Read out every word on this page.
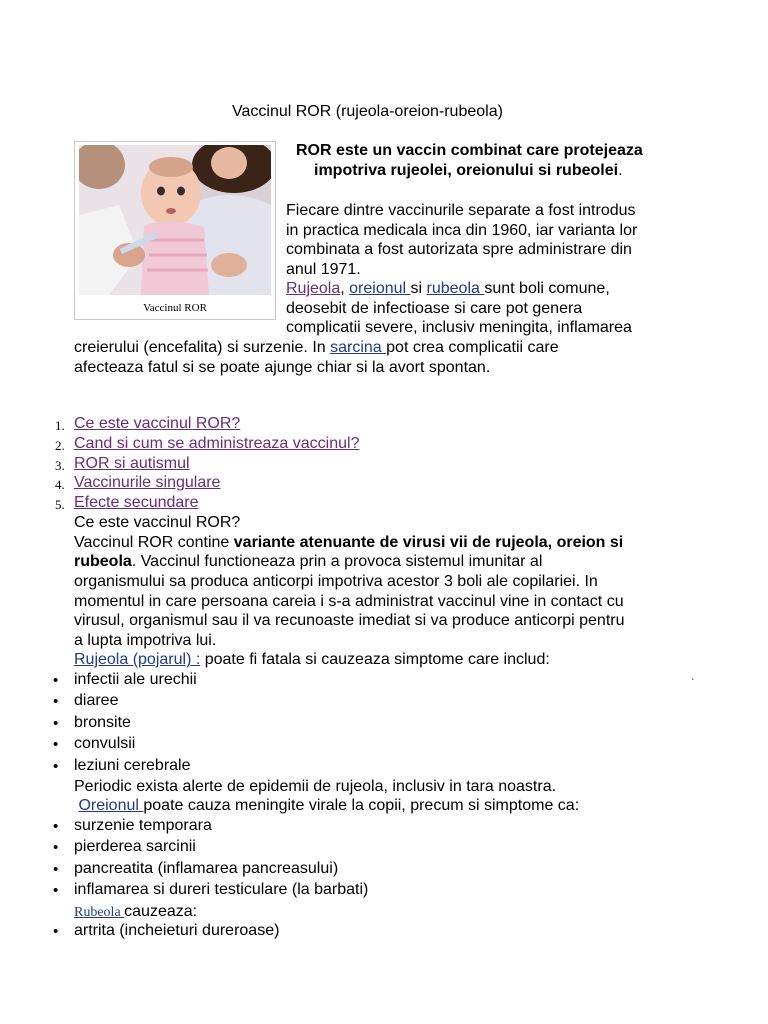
Vaccinul ROR (rujeola-oreion-rubeola)
Vaccinul ROR
ROR este un vaccin combinat care protejeaza
impotriva rujeolei, oreionului si rubeolei.
Fiecare dintre vaccinurile separate a fost introdus
in practica medicala inca din 1960, iar varianta lor
combinata a fost autorizata spre administrare din
anul 1971.
Rujeola, oreionul si rubeola sunt boli comune,
deosebit de infectioase si care pot genera
complicatii severe, inclusiv meningita, inflamarea
creierului (encefalita) si surzenie. In sarcina pot crea complicatii care
afecteaza fatul si se poate ajunge chiar si la avort spontan.
1. Ce este vaccinul ROR?
2. Cand si cum se administreaza vaccinul?
3. ROR si autismul
4. Vaccinurile singulare
5. Efecte secundare
Ce este vaccinul ROR?
Vaccinul ROR contine variante atenuante de virusi vii de rujeola, oreion si
rubeola. Vaccinul functioneaza prin a provoca sistemul imunitar al
organismului sa produca anticorpi impotriva acestor 3 boli ale copilariei. In
momentul in care persoana careia i s-a administrat vaccinul vine in contact cu
virusul, organismul sau il va recunoaste imediat si va produce anticorpi pentru
a lupta impotriva lui.
Rujeola (pojarul) : poate fi fatala si cauzeaza simptome care includ:
• infectii ale urechii
• diaree
• bronsite
• convulsii
• leziuni cerebrale
`
Periodic exista alerte de epidemii de rujeola, inclusiv in tara noastra.
Oreionul poate cauza meningite virale la copii, precum si simptome ca:
• surzenie temporara
• pierderea sarcinii
• pancreatita (inflamarea pancreasului)
• inflamarea si dureri testiculare (la barbati)
Rubeola cauzeaza:
• artrita (incheieturi dureroase)
